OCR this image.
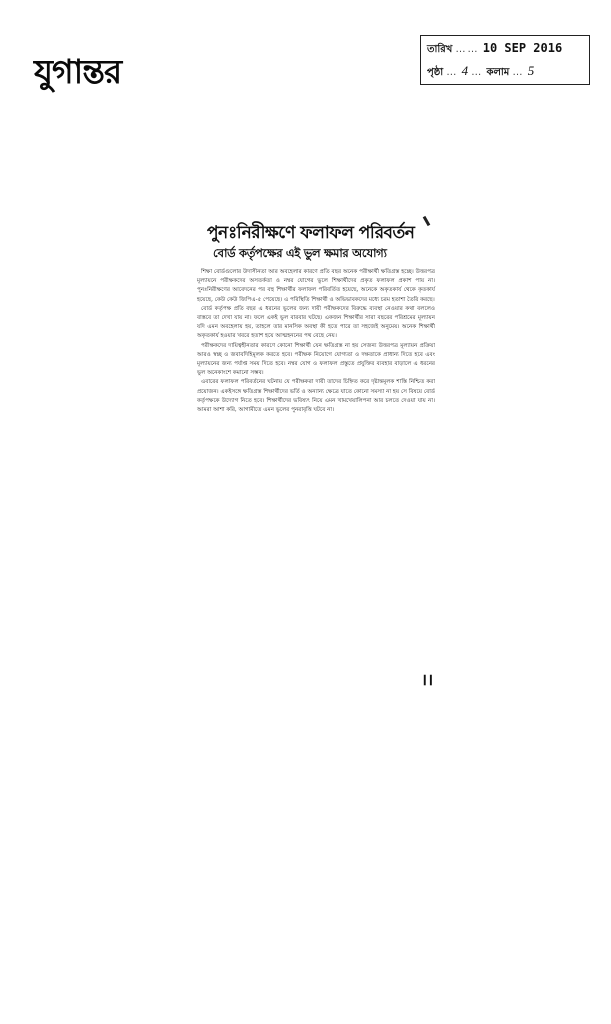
যুগান্তর
তারিখ …… 10 SEP 2016
পৃষ্ঠা … 4 … কলাম … 5
পুনঃনিরীক্ষণে ফলাফল পরিবর্তন
বোর্ড কর্তৃপক্ষের এই ভুল ক্ষমার অযোগ্য

শিক্ষা বোর্ডগুলোর উদাসীনতা আর অবহেলার কারণে প্রতি বছর অনেক পরীক্ষার্থী ক্ষতিগ্রস্ত হচ্ছে। উত্তরপত্র মূল্যায়নে পরীক্ষকদের অসতর্কতা ও নম্বর যোগের ভুলে শিক্ষার্থীদের প্রকৃত ফলাফল প্রকাশ পায় না। পুনঃনিরীক্ষণের আবেদনের পর বহু শিক্ষার্থীর ফলাফল পরিবর্তিত হয়েছে, অনেকে অকৃতকার্য থেকে কৃতকার্য হয়েছে, কেউ কেউ জিপিএ-৫ পেয়েছে। এ পরিস্থিতি শিক্ষার্থী ও অভিভাবকদের মধ্যে চরম হতাশা তৈরি করছে।

বোর্ড কর্তৃপক্ষ প্রতি বছর এ ধরনের ভুলের জন্য দায়ী পরীক্ষকদের বিরুদ্ধে ব্যবস্থা নেওয়ার কথা বললেও বাস্তবে তা দেখা যায় না। ফলে একই ভুল বারবার ঘটছে। একজন শিক্ষার্থীর সারা বছরের পরিশ্রমের মূল্যায়ন যদি এমন অবহেলায় হয়, তাহলে তার মানসিক অবস্থা কী হতে পারে তা সহজেই অনুমেয়। অনেক শিক্ষার্থী অকৃতকার্য হওয়ার খবরে হতাশ হয়ে আত্মহননের পথ বেছে নেয়।

পরীক্ষকদের দায়িত্বহীনতার কারণে কোনো শিক্ষার্থী যেন ক্ষতিগ্রস্ত না হয় সেজন্য উত্তরপত্র মূল্যায়ন প্রক্রিয়া আরও স্বচ্ছ ও জবাবদিহিমূলক করতে হবে। পরীক্ষক নিয়োগে যোগ্যতা ও দক্ষতাকে প্রাধান্য দিতে হবে এবং মূল্যায়নের জন্য পর্যাপ্ত সময় দিতে হবে। নম্বর যোগ ও ফলাফল প্রস্তুতে প্রযুক্তির ব্যবহার বাড়ালে এ ধরনের ভুল অনেকাংশে কমানো সম্ভব।

এবারের ফলাফল পরিবর্তনের ঘটনায় যে পরীক্ষকরা দায়ী তাদের চিহ্নিত করে দৃষ্টান্তমূলক শাস্তি নিশ্চিত করা প্রয়োজন। একইসঙ্গে ক্ষতিগ্রস্ত শিক্ষার্থীদের ভর্তি ও অন্যান্য ক্ষেত্রে যাতে কোনো সমস্যা না হয় সে বিষয়ে বোর্ড কর্তৃপক্ষকে উদ্যোগ নিতে হবে। শিক্ষার্থীদের ভবিষ্যৎ নিয়ে এমন খামখেয়ালিপনা আর চলতে দেওয়া যায় না। আমরা আশা করি, আগামীতে এমন ভুলের পুনরাবৃত্তি ঘটবে না।

।।
